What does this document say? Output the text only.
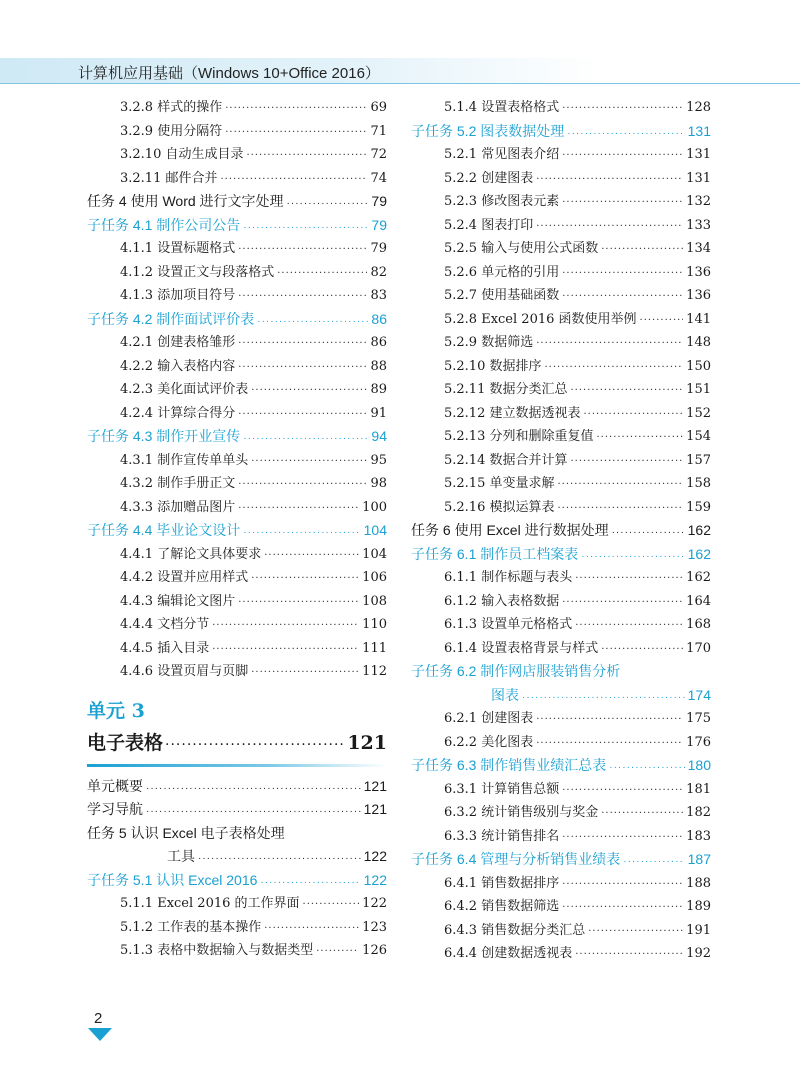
计算机应用基础（Windows 10+Office 2016）
3.2.8 样式的操作 ·····	69
3.2.9 使用分隔符 ·····	71
3.2.10 自动生成目录 ·····	72
3.2.11 邮件合并 ·····	74
任务 4 使用 Word 进行文字处理 ·····	79
子任务 4.1 制作公司公告 ·····	79
4.1.1 设置标题格式 ·····	79
4.1.2 设置正文与段落格式 ·····	82
4.1.3 添加项目符号 ·····	83
子任务 4.2 制作面试评价表 ·····	86
4.2.1 创建表格雏形 ·····	86
4.2.2 输入表格内容 ·····	88
4.2.3 美化面试评价表 ·····	89
4.2.4 计算综合得分 ·····	91
子任务 4.3 制作开业宣传 ·····	94
4.3.1 制作宣传单单头 ·····	95
4.3.2 制作手册正文 ·····	98
4.3.3 添加赠品图片 ·····	100
子任务 4.4 毕业论文设计 ·····	104
4.4.1 了解论文具体要求 ·····	104
4.4.2 设置并应用样式 ·····	106
4.4.3 编辑论文图片 ·····	108
4.4.4 文档分节 ·····	110
4.4.5 插入目录 ·····	111
4.4.6 设置页眉与页脚 ·····	112
单元 3
电子表格 ·····	121
单元概要 ·····	121
学习导航 ·····	121
任务 5 认识 Excel 电子表格处理
工具 ·····	122
子任务 5.1 认识 Excel 2016 ·····	122
5.1.1 Excel 2016 的工作界面 ·····	122
5.1.2 工作表的基本操作 ·····	123
5.1.3 表格中数据输入与数据类型 ·····	126
5.1.4 设置表格格式 ·····	128
子任务 5.2 图表数据处理 ·····	131
5.2.1 常见图表介绍 ·····	131
5.2.2 创建图表 ·····	131
5.2.3 修改图表元素 ·····	132
5.2.4 图表打印 ·····	133
5.2.5 输入与使用公式函数 ·····	134
5.2.6 单元格的引用 ·····	136
5.2.7 使用基础函数 ·····	136
5.2.8 Excel 2016 函数使用举例 ·····	141
5.2.9 数据筛选 ·····	148
5.2.10 数据排序 ·····	150
5.2.11 数据分类汇总 ·····	151
5.2.12 建立数据透视表 ·····	152
5.2.13 分列和删除重复值 ·····	154
5.2.14 数据合并计算 ·····	157
5.2.15 单变量求解 ·····	158
5.2.16 模拟运算表 ·····	159
任务 6 使用 Excel 进行数据处理 ·····	162
子任务 6.1 制作员工档案表 ·····	162
6.1.1 制作标题与表头 ·····	162
6.1.2 输入表格数据 ·····	164
6.1.3 设置单元格格式 ·····	168
6.1.4 设置表格背景与样式 ·····	170
子任务 6.2 制作网店服装销售分析
图表 ·····	174
6.2.1 创建图表 ·····	175
6.2.2 美化图表 ·····	176
子任务 6.3 制作销售业绩汇总表 ·····	180
6.3.1 计算销售总额 ·····	181
6.3.2 统计销售级别与奖金 ·····	182
6.3.3 统计销售排名 ·····	183
子任务 6.4 管理与分析销售业绩表 ·····	187
6.4.1 销售数据排序 ·····	188
6.4.2 销售数据筛选 ·····	189
6.4.3 销售数据分类汇总 ·····	191
6.4.4 创建数据透视表 ·····	192
2
